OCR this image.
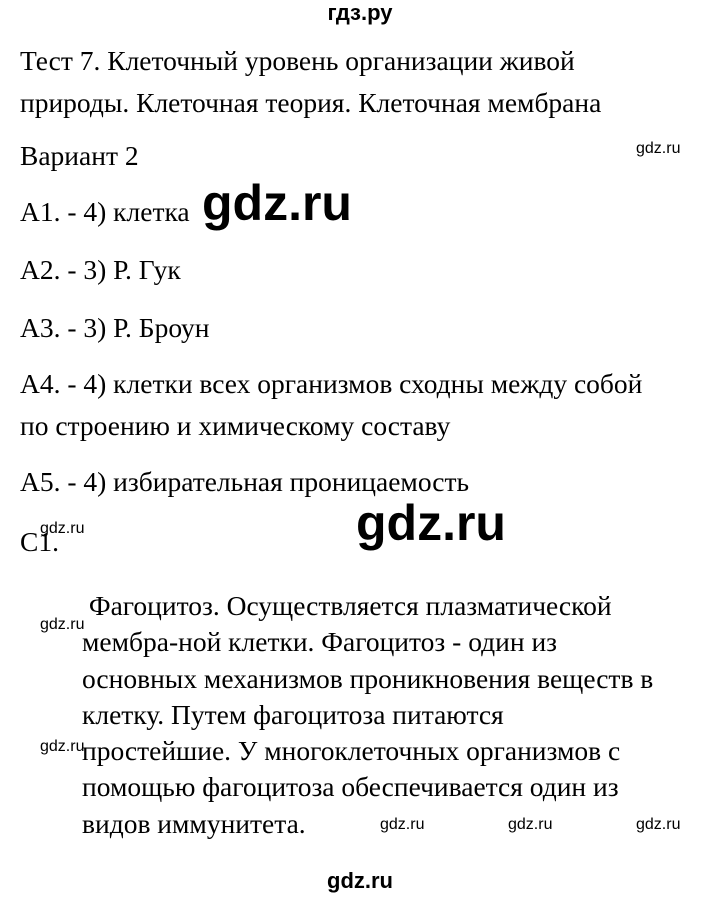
гдз.ру
Тест 7. Клеточный уровень организации живой
природы. Клеточная теория. Клеточная мембрана
Вариант 2
А1. - 4) клетка
А2. - 3) Р. Гук
А3. - 3) Р. Броун
А4. - 4) клетки всех организмов сходны между собой
по строению и химическому составу
А5. - 4) избирательная проницаемость
С1.
Фагоцитоз. Осуществляется плазматической
мембра-ной клетки. Фагоцитоз - один из
основных механизмов проникновения веществ в
клетку. Путем фагоцитоза питаются
простейшие. У многоклеточных организмов с
помощью фагоцитоза обеспечивается один из
видов иммунитета.
gdz.ru
gdz.ru
gdz.ru
gdz.ru
gdz.ru
gdz.ru
gdz.ru	gdz.ru	gdz.ru
gdz.ru
